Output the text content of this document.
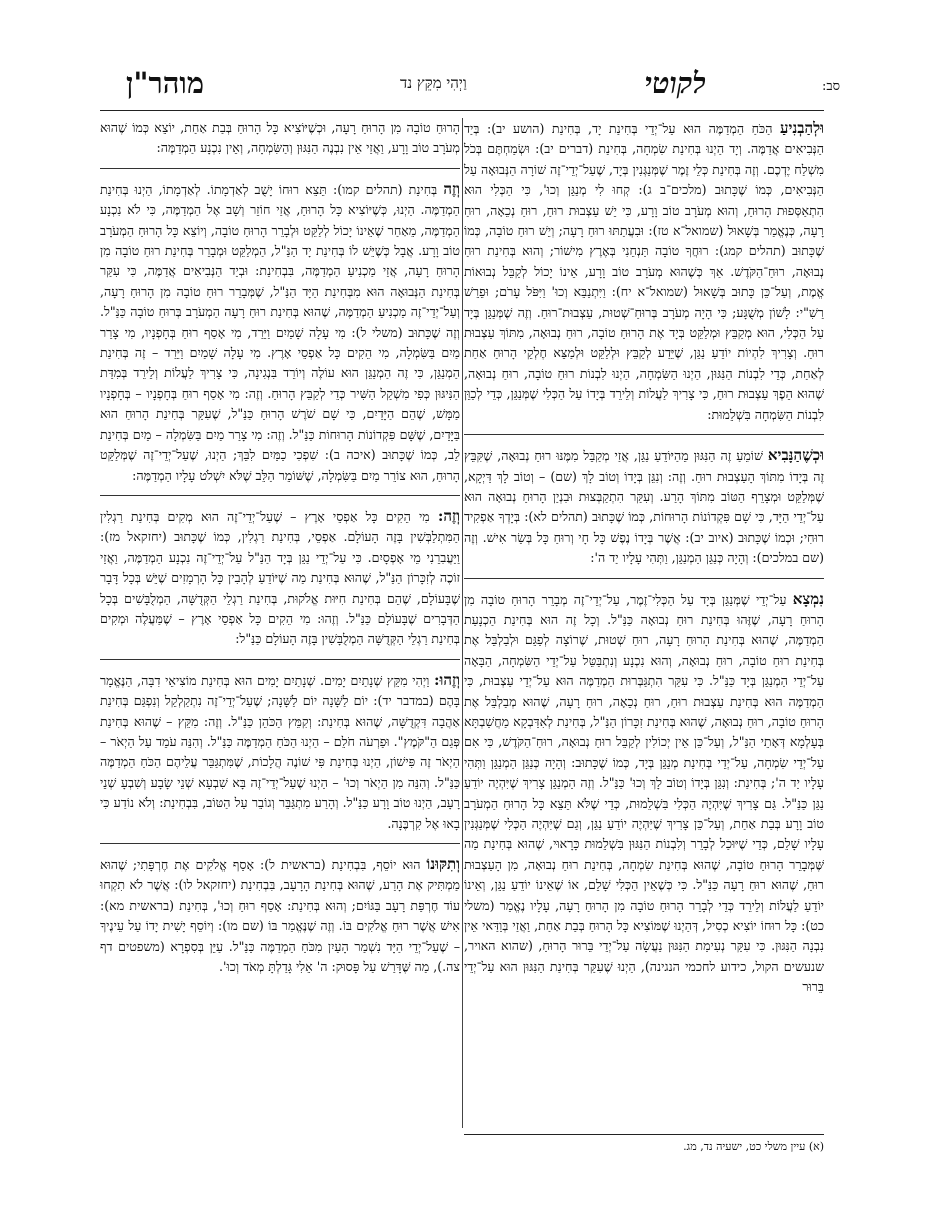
לקוטי
וַיְהִי מִקֵּץ נד
מוהר"ן	סב:

וּלְהַבְנִיעַ הַכֹּחַ הַמְדַמֶּה הוּא עַל־יְדֵי בְּחִינַת יָד, בְּחִינַת (הושע יב): בְּיַד הַנְּבִיאִים אֲדַמֶּה. וְיָד הַיְנוּ בְּחִינַת שִׂמְחָה, בְּחִינַת (דברים יב): וּשְׂמַחְתֶּם בְּכֹל מִשְׁלַח יֶדְכֶם. וְזֶה בְּחִינַת כְּלֵי זֶמֶר שֶׁמְּנַגְּנִין בְּיָד, שֶׁעַל־יְדֵי־זֶה שׁוֹרָה הַנְּבוּאָה עַל הַנְּבִיאִים, כְּמוֹ שֶׁכָּתוּב (מלכים־ב ג): קְחוּ לִי מְנַגֵּן וְכוּ', כִּי הַכְּלִי הוּא הִתְאַסְּפוּת הָרוּחַ, וְהוּא מְעֹרָב טוֹב וָרָע, כִּי יֵשׁ עַצְבוּת רוּחַ, רוּחַ נְכֵאָה, רוּחַ רָעָה, כְּנֶאֱמַר בְּשָׁאוּל (שמואל־א טז): וּבִעֲתַתּוּ רוּחַ רָעָה; וְיֵשׁ רוּחַ טוֹבָה, כְּמוֹ שֶׁכָּתוּב (תהלים קמג): רוּחֲךָ טוֹבָה תַּנְחֵנִי בְּאֶרֶץ מִישׁוֹר; וְהוּא בְּחִינַת רוּחַ נְבוּאָה, רוּחַ־הַקֹּדֶשׁ. אַךְ כְּשֶׁהוּא מְעֹרָב טוֹב וָרָע, אֵינוֹ יָכוֹל לְקַבֵּל נְבוּאוֹת אֱמֶת, וְעַל־כֵּן כָּתוּב בְּשָׁאוּל (שמואל־א יח): וַיִּתְנַבֵּא וְכוּ' וַיִּפֹּל עָרֹם; וּפֵרֵשׁ רַשִׁ"י: לָשׁוֹן מְשֻׁגָּע; כִּי הָיָה מְעֹרָב בְּרוּחַ־שְׁטוּת, עַצְבוּת־רוּחַ. וְזֶה שֶׁמְּנַגֵּן בְּיָד עַל הַכְּלִי, הוּא מְקַבֵּץ וּמְלַקֵּט בְּיָד אֶת הָרוּחַ טוֹבָה, רוּחַ נְבוּאָה, מִתּוֹךְ עַצְבוּת רוּחַ. וְצָרִיךְ לִהְיוֹת יוֹדֵעַ נַגֵּן, שֶׁיֵּדַע לְקַבֵּץ וּלְלַקֵּט וּלְמַצֵּא חֶלְקֵי הָרוּחַ אַחַת לְאַחַת, כְּדֵי לִבְנוֹת הַנִּגּוּן, הַיְנוּ הַשִּׂמְחָה, הַיְנוּ לִבְנוֹת רוּחַ טוֹבָה, רוּחַ נְבוּאָה, שֶׁהוּא הֵפֶךְ עַצְבוּת רוּחַ, כִּי צָרִיךְ לַעֲלוֹת וְלֵירֵד בְּיָדוֹ עַל הַכְּלִי שֶׁמְּנַגֵּן, כְּדֵי לְכַוֵּן לִבְנוֹת הַשִּׂמְחָה בִּשְׁלֵמוּת:

וּכְשֶׁהַנָּבִיא שׁוֹמֵעַ זֶה הַנִּגּוּן מֵהַיּוֹדֵעַ נַגֵּן, אֲזַי מְקַבֵּל מִמֶּנּוּ רוּחַ נְבוּאָה, שֶׁקִּבֵּץ זֶה בְּיָדוֹ מִתּוֹךְ הָעַצְבוּת רוּחַ. וְזֶה: וְנִגֵּן בְּיָדוֹ וְטוֹב לָךְ (שם) – וְטוֹב לָךְ דַּיְקָא, שֶׁמְּלַקֵּט וּמְצָרֵף הַטּוֹב מִתּוֹךְ הָרַע. וְעִקַּר הִתְקַבְּצוּת וּבִנְיַן הָרוּחַ נְבוּאָה הוּא עַל־יְדֵי הַיָּד, כִּי שָׁם פִּקְדוֹנוֹת הָרוּחוֹת, כְּמוֹ שֶׁכָּתוּב (תהלים לא): בְּיָדְךָ אַפְקִיד רוּחִי; וּכְמוֹ שֶׁכָּתוּב (איוב יב): אֲשֶׁר בְּיָדוֹ נֶפֶשׁ כָּל חָי וְרוּחַ כָּל בְּשַׂר אִישׁ. וְזֶה (שם במלכים): וְהָיָה כְּנַגֵּן הַמְנַגֵּן, וַתְּהִי עָלָיו יַד ה':

נִמְצָא עַל־יְדֵי שֶׁמְּנַגֵּן בְּיָד עַל הַכְּלִי־זֶמֶר, עַל־יְדֵי־זֶה מְבָרֵר הָרוּחַ טוֹבָה מִן הָרוּחַ רָעָה, שֶׁזֶּהוּ בְּחִינַת רוּחַ נְבוּאָה כַּנַּ"ל. וְכָל זֶה הוּא בְּחִינַת הַכְנָעַת הַמְדַמֶּה, שֶׁהוּא בְּחִינַת הָרוּחַ רָעָה, רוּחַ שְׁטוּת, שֶׁרוֹצָה לְפַגֵּם וּלְבַלְבֵּל אֶת בְּחִינַת רוּחַ טוֹבָה, רוּחַ נְבוּאָה, וְהוּא נִכְנָע וְנִתְבַּטֵּל עַל־יְדֵי הַשִּׂמְחָה, הַבָּאָה עַל־יְדֵי הַמְנַגֵּן בְּיָד כַּנַּ"ל. כִּי עִקַּר הִתְגַּבְּרוּת הַמְדַמֶּה הוּא עַל־יְדֵי עַצְבוּת, כִּי הַמְדַמֶּה הוּא בְּחִינַת עַצְבוּת רוּחַ, רוּחַ נְכֵאָה, רוּחַ רָעָה, שֶׁהוּא מְבַלְבֵּל אֶת הָרוּחַ טוֹבָה, רוּחַ נְבוּאָה, שֶׁהוּא בְּחִינַת זִכָּרוֹן הַנַּ"ל, בְּחִינַת לְאִדַּבְקָא מַחֲשַׁבְתָּא בְּעָלְמָא דְּאָתֵי הַנַּ"ל, וְעַל־כֵּן אֵין יְכוֹלִין לְקַבֵּל רוּחַ נְבוּאָה, רוּחַ־הַקֹּדֶשׁ, כִּי אִם עַל־יְדֵי שִׂמְחָה, עַל־יְדֵי בְּחִינַת מְנַגֵּן בְּיָד, כְּמוֹ שֶׁכָּתוּב: וְהָיָה כְּנַגֵּן הַמְנַגֵּן וַתְּהִי עָלָיו יַד ה'; בְּחִינַת: וְנִגֵּן בְּיָדוֹ וְטוֹב לָךְ וְכוּ' כַּנַּ"ל. וְזֶה הַמְנַגֵּן צָרִיךְ שֶׁיִּהְיֶה יוֹדֵעַ נַגֵּן כַּנַּ"ל. גַּם צָרִיךְ שֶׁיִּהְיֶה הַכְּלִי בִּשְׁלֵמוּת, כְּדֵי שֶׁלֹּא תֵּצֵא כָּל הָרוּחַ הַמְעֹרָב טוֹב וָרָע בְּבַת אַחַת, וְעַל־כֵּן צָרִיךְ שֶׁיִּהְיֶה יוֹדֵעַ נַגֵּן, וְגַם שֶׁיִּהְיֶה הַכְּלִי שֶׁמְּנַגְּנִין עָלָיו שָׁלֵם, כְּדֵי שֶׁיּוּכַל לְבָרֵר וְלִבְנוֹת הַנִּגּוּן בִּשְׁלֵמוּת כָּרָאוּי, שֶׁהוּא בְּחִינַת מַה שֶּׁמְּבָרֵר הָרוּחַ טוֹבָה, שֶׁהוּא בְּחִינַת שִׂמְחָה, בְּחִינַת רוּחַ נְבוּאָה, מִן הָעַצְבוּת רוּחַ, שֶׁהוּא רוּחַ רָעָה כַּנַּ"ל. כִּי כְּשֶׁאֵין הַכְּלִי שָׁלֵם, אוֹ שֶׁאֵינוֹ יוֹדֵעַ נַגֵּן, וְאֵינוֹ יוֹדֵעַ לַעֲלוֹת וְלֵירֵד כְּדֵי לְבָרֵר הָרוּחַ טוֹבָה מִן הָרוּחַ רָעָה, עָלָיו נֶאֱמַר (משלי כט): כָּל רוּחוֹ יוֹצִיא כְסִיל, דְּהַיְנוּ שֶׁמּוֹצִיא כָּל הָרוּחַ בְּבַת אַחַת, וַאֲזַי בְּוַדַּאי אֵין נִבְנָה הַנִּגּוּן. כִּי עִקַּר נְעִימַת הַנִּגּוּן נַעֲשָׂה עַל־יְדֵי בֵּרוּר הָרוּחַ, (שהוא האויר, שנעשים הקול, כידוע לחכמי הנגינה), הַיְנוּ שֶׁעִקַּר בְּחִינַת הַנִּגּוּן הוּא עַל־יְדֵי בֵּרוּר

הָרוּחַ טוֹבָה מִן הָרוּחַ רָעָה, וּכְשֶׁיּוֹצִיא כָּל הָרוּחַ בְּבַת אַחַת, יוֹצֵא כְּמוֹ שֶׁהוּא מְעֹרָב טוֹב וָרָע, וַאֲזַי אֵין נִבְנֶה הַנִּגּוּן וְהַשִּׂמְחָה, וְאֵין נִכְנָע הַמְדַמֶּה:

וְזֶה בְּחִינַת (תהלים קמו): תֵּצֵא רוּחוֹ יָשֻׁב לְאַדְמָתוֹ. לְאַדְמָתוֹ, הַיְנוּ בְּחִינַת הַמְדַמֶּה. הַיְנוּ, כְּשֶׁיּוֹצִיא כָּל הָרוּחַ, אֲזַי חוֹזֵר וְשָׁב אֶל הַמְדַמֶּה, כִּי לֹא נִכְנָע הַמְדַמֶּה, מֵאַחַר שֶׁאֵינוֹ יָכוֹל לְלַקֵּט וּלְבָרֵר הָרוּחַ טוֹבָה, וְיוֹצֵא כָּל הָרוּחַ הַמְעֹרָב טוֹב וָרָע. אֲבָל כְּשֶׁיֵּשׁ לוֹ בְּחִינַת יָד הַנַּ"ל, הַמְלַקֵּט וּמְבָרֵר בְּחִינַת רוּחַ טוֹבָה מִן הָרוּחַ רָעָה, אֲזַי מַכְנִיעַ הַמְדַמֶּה, בִּבְחִינַת: וּבְיַד הַנְּבִיאִים אֲדַמֶּה, כִּי עִקַּר בְּחִינַת הַנְּבוּאָה הוּא מִבְּחִינַת הַיָּד הַנַּ"ל, שֶׁמְּבָרֵר רוּחַ טוֹבָה מִן הָרוּחַ רָעָה, וְעַל־יְדֵי־זֶה מַכְנִיעַ הַמְדַמֶּה, שֶׁהוּא בְּחִינַת רוּחַ רָעָה הַמְעֹרָב בְּרוּחַ טוֹבָה כַּנַּ"ל. וְזֶה שֶׁכָּתוּב (משלי ל): מִי עָלָה שָׁמַיִם וַיֵּרַד, מִי אָסַף רוּחַ בְּחָפְנָיו, מִי צָרַר מַיִם בַּשִּׂמְלָה, מִי הֵקִים כָּל אַפְסֵי אָרֶץ. מִי עָלָה שָׁמַיִם וַיֵּרַד – זֶה בְּחִינַת הַמְנַגֵּן, כִּי זֶה הַמְנַגֵּן הוּא עוֹלֶה וְיוֹרֵד בִּנְגִינָה, כִּי צָרִיךְ לַעֲלוֹת וְלֵירֵד בְּמִדַּת הַנִּיגּוּן כְּפִי מִשְׁקַל הַשִּׁיר כְּדֵי לְקַבֵּץ הָרוּחַ. וְזֶה: מִי אָסַף רוּחַ בְּחָפְנָיו – בְּחָפְנָיו מַמָּשׁ, שֶׁהֵם הַיָּדַיִם, כִּי שָׁם שֹׁרֶשׁ הָרוּחַ כַּנַּ"ל, שֶׁעִקַּר בְּחִינַת הָרוּחַ הוּא בַּיָּדַיִם, שֶׁשָּׁם פִּקְדוֹנוֹת הָרוּחוֹת כַּנַּ"ל. וְזֶה: מִי צָרַר מַיִם בַּשִּׂמְלָה – מַיִם בְּחִינַת לֵב, כְּמוֹ שֶׁכָּתוּב (איכה ב): שִׁפְכִי כַמַּיִם לִבֵּךְ; הַיְנוּ, שֶׁעַל־יְדֵי־זֶה שֶׁמְּלַקֵּט הָרוּחַ, הוּא צוֹרֵר מַיִם בַּשִּׂמְלָה, שֶׁשּׁוֹמֵר הַלֵּב שֶׁלֹּא יִשְׁלֹט עָלָיו הַמְדַמֶּה:

וְזֶה: מִי הֵקִים כָּל אַפְסֵי אָרֶץ – שֶׁעַל־יְדֵי־זֶה הוּא מְקִים בְּחִינַת רַגְלִין הַמִּתְלַבְּשִׁין בָּזֶה הָעוֹלָם. אַפְסֵי, בְּחִינַת רַגְלִין, כְּמוֹ שֶׁכָּתוּב (יחזקאל מז): וַיַּעֲבִרֵנִי מֵי אָפְסָיִם. כִּי עַל־יְדֵי נַגֵּן בְּיָד הַנַּ"ל עַל־יְדֵי־זֶה נִכְנָע הַמְדַמֶּה, וַאֲזַי זוֹכֶה לְזִכָּרוֹן הַנַּ"ל, שֶׁהוּא בְּחִינַת מַה שֶׁיּוֹדֵעַ לְהָבִין כָּל הָרְמָזִים שֶׁיֵּשׁ בְּכָל דָּבָר שֶׁבָּעוֹלָם, שֶׁהֵם בְּחִינַת חִיּוּת אֱלֹקוּת, בְּחִינַת רַגְלֵי הַקְּדֻשָּׁה, הַמְלֻבָּשִׁים בְּכָל הַדְּבָרִים שֶׁבָּעוֹלָם כַּנַּ"ל. וְזֶהוּ: מִי הֵקִים כָּל אַפְסֵי אָרֶץ – שֶׁמַּעֲלֶה וּמְקִים בְּחִינַת רַגְלֵי הַקְּדֻשָּׁה הַמְלֻבָּשִׁין בָּזֶה הָעוֹלָם כַּנַּ"ל:

וְזֶהוּ: וַיְהִי מִקֵּץ שְׁנָתַיִם יָמִים. שְׁנָתַיִם יָמִים הוּא בְּחִינַת מוֹצִיאֵי דִבָּה, הַנֶּאֱמָר בָּהֶם (במדבר יד): יוֹם לַשָּׁנָה יוֹם לַשָּׁנָה; שֶׁעַל־יְדֵי־זֶה נִתְקַלְקֵל וְנִפְגַּם בְּחִינַת אַהֲבָה דִּקְדֻשָּׁה, שֶׁהוּא בְּחִינַת: וְקִמֵּץ הַכֹּהֵן כַּנַּ"ל. וְזֶה: מִקֵּץ – שֶׁהוּא בְּחִינַת פְּגַם הַ"קֹּמֶץ". וּפַרְעֹה חֹלֵם – הַיְנוּ הַכֹּחַ הַמְדַמֶּה כַּנַּ"ל. וְהִנֵּה עֹמֵד עַל הַיְאֹר – הַיְאֹר זֶה פִּישׁוֹן, הַיְנוּ בְּחִינַת פִּי שׁוֹנֶה הֲלָכוֹת, שֶׁמִּתְגַּבֵּר עֲלֵיהֶם הַכֹּחַ הַמְדַמֶּה כַּנַּ"ל. וְהִנֵּה מִן הַיְאֹר וְכוּ' – הַיְנוּ שֶׁעַל־יְדֵי־זֶה בָּא שִׁבְעָא שְׁנֵי שָׂבָע וְשִׁבְעָ שְׁנֵי רָעָב, הַיְנוּ טוֹב וָרָע כַּנַּ"ל. וְהָרַע מִתְגַּבֵּר וְגוֹבֵר עַל הַטּוֹב, בִּבְחִינַת: וְלֹא נוֹדַע כִּי בָאוּ אֶל קִרְבֶּנָה.

וְתִקּוּנוֹ הוּא יוֹסֵף, בִּבְחִינַת (בראשית ל): אָסַף אֱלֹקִים אֶת חֶרְפָּתִי; שֶׁהוּא מַמְתִּיק אֶת הָרַע, שֶׁהוּא בְּחִינַת הָרָעָב, בִּבְחִינַת (יחזקאל לו): אֲשֶׁר לֹא תִקְחוּ עוֹד חֶרְפַּת רָעָב בַּגּוֹיִם; וְהוּא בְּחִינַת: אָסַף רוּחַ וְכוּ', בְּחִינַת (בראשית מא): אִישׁ אֲשֶׁר רוּחַ אֱלֹקִים בּוֹ. וְזֶה שֶׁנֶּאֱמַר בּוֹ (שם מו): וְיוֹסֵף יָשִׁית יָדוֹ עַל עֵינֶיךָ – שֶׁעַל־יְדֵי הַיָּד נִשְׁמַר הָעַיִן מִכֹּחַ הַמְדַמֶּה כַּנַּ"ל. עַיֵּן בְּסִפְרָא (משפטים דף צה.), מַה שֶּׁדָּרַשׁ עַל פָּסוּק: ה' אֵלִי גָּדַלְתָּ מְאֹד וְכוּ'.

(א) עיין משלי כט, ישעיה נד, מג.
